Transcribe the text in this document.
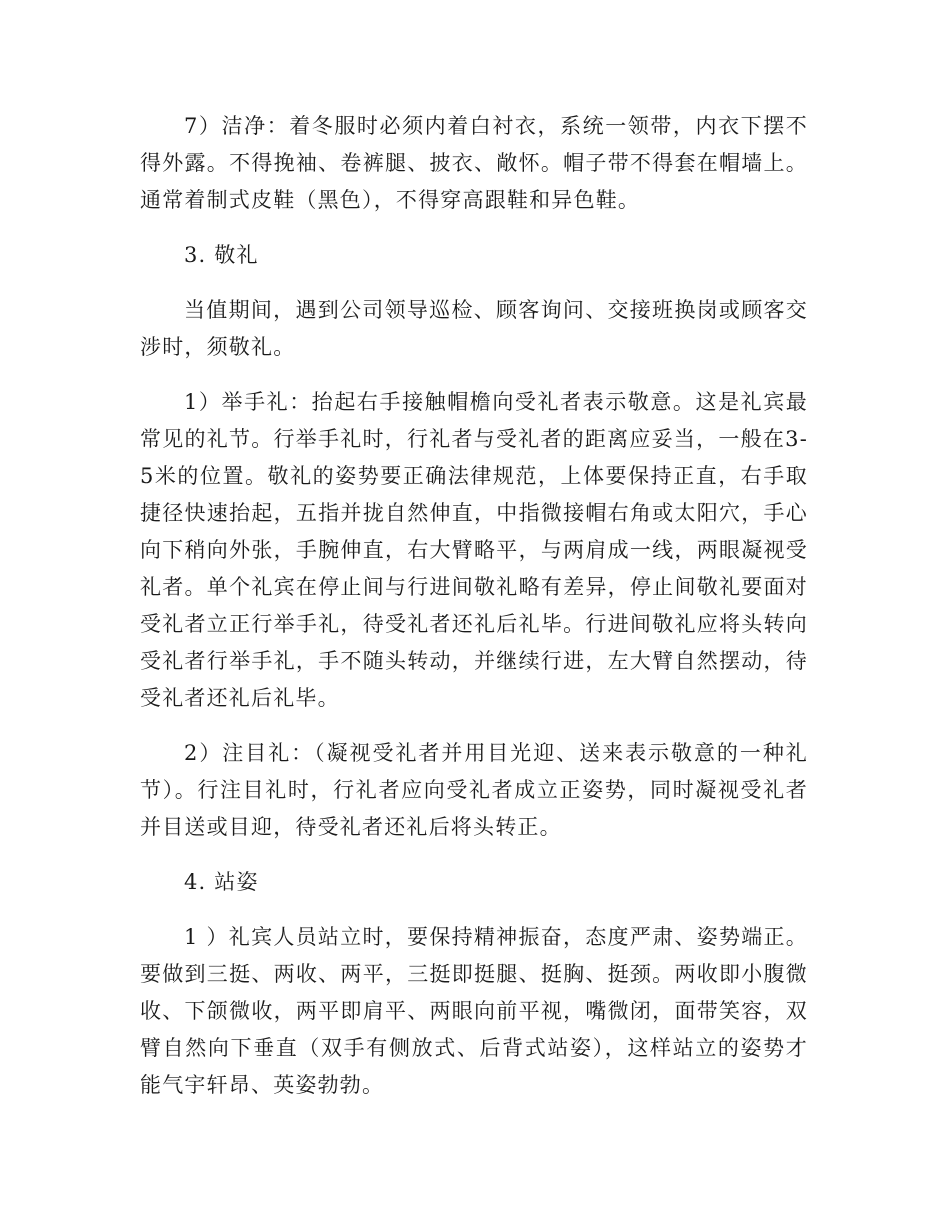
7）洁净：着冬服时必须内着白衬衣，系统一领带，内衣下摆不得外露。不得挽袖、卷裤腿、披衣、敞怀。帽子带不得套在帽墙上。通常着制式皮鞋（黑色），不得穿高跟鞋和异色鞋。

3. 敬礼

当值期间，遇到公司领导巡检、顾客询问、交接班换岗或顾客交涉时，须敬礼。

1）举手礼：抬起右手接触帽檐向受礼者表示敬意。这是礼宾最常见的礼节。行举手礼时，行礼者与受礼者的距离应妥当，一般在3-5米的位置。敬礼的姿势要正确法律规范，上体要保持正直，右手取捷径快速抬起，五指并拢自然伸直，中指微接帽右角或太阳穴，手心向下稍向外张，手腕伸直，右大臂略平，与两肩成一线，两眼凝视受礼者。单个礼宾在停止间与行进间敬礼略有差异，停止间敬礼要面对受礼者立正行举手礼，待受礼者还礼后礼毕。行进间敬礼应将头转向受礼者行举手礼，手不随头转动，并继续行进，左大臂自然摆动，待受礼者还礼后礼毕。

2）注目礼：（凝视受礼者并用目光迎、送来表示敬意的一种礼节）。行注目礼时，行礼者应向受礼者成立正姿势，同时凝视受礼者并目送或目迎，待受礼者还礼后将头转正。

4. 站姿

1 ）礼宾人员站立时，要保持精神振奋，态度严肃、姿势端正。要做到三挺、两收、两平，三挺即挺腿、挺胸、挺颈。两收即小腹微收、下颌微收，两平即肩平、两眼向前平视，嘴微闭，面带笑容，双臂自然向下垂直（双手有侧放式、后背式站姿），这样站立的姿势才能气宇轩昂、英姿勃勃。
